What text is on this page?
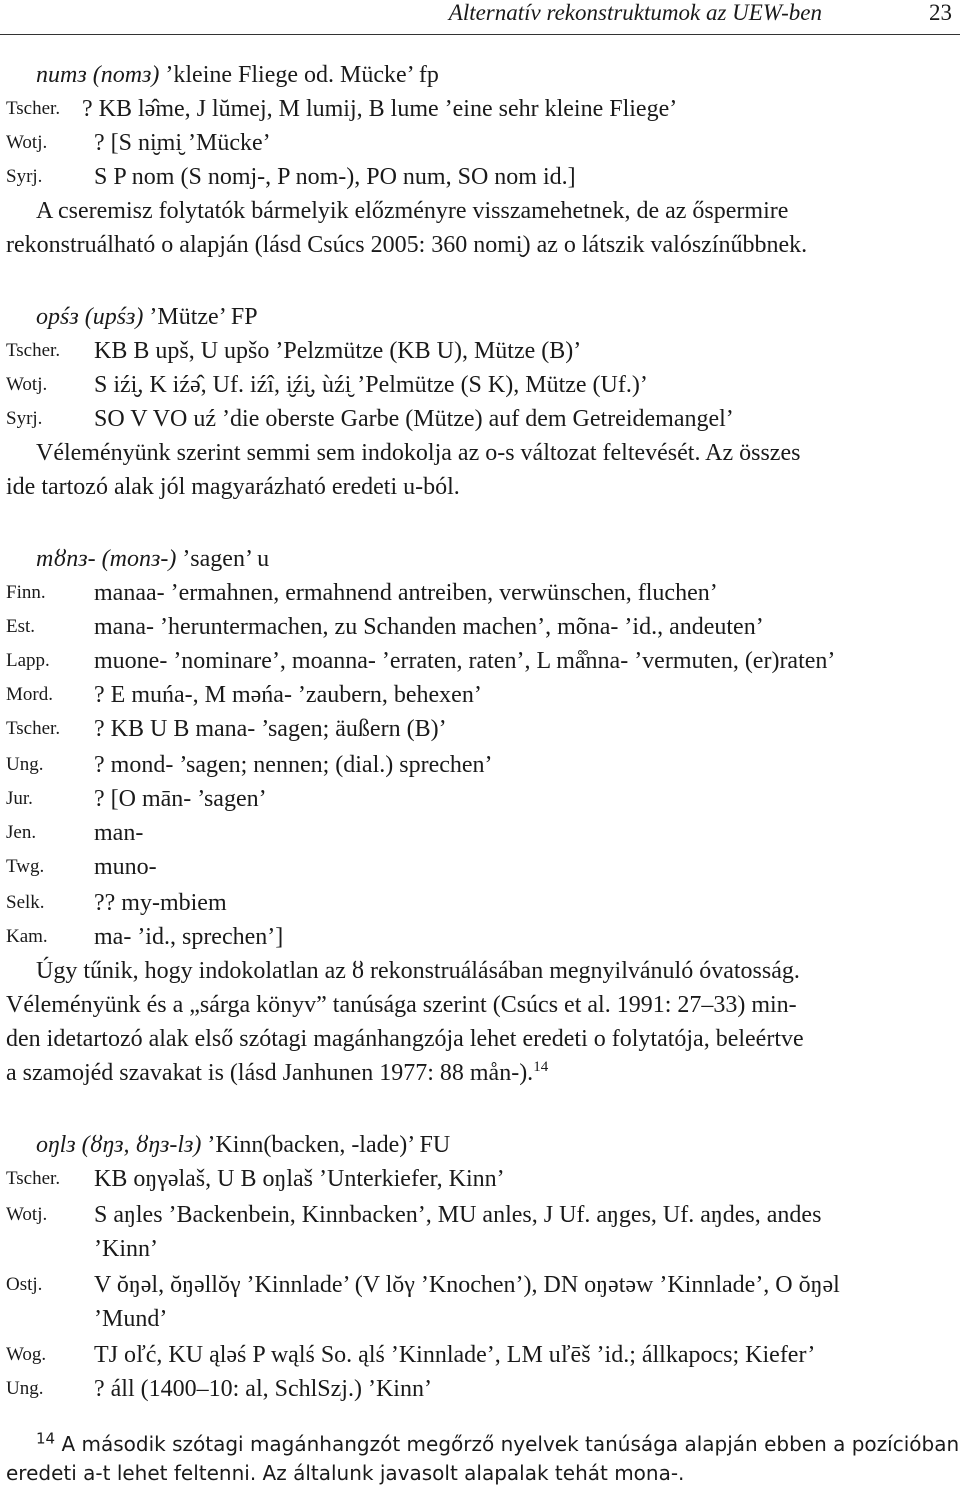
Alternatív rekonstruktumok az UEW-ben	23
numз (nomз) ’kleine Fliege od. Mücke’ fp
Tscher. ? KB lǝ̂me, J lŭmej, M lumij, B lume ’eine sehr kleine Fliege’
Wotj. ? [S ni̮mi̮ ’Mücke’
Syrj. S P nom (S nomj-, P nom-), PO num, SO nom id.]
A cseremisz folytatók bármelyik előzményre visszamehetnek, de az őspermire
rekonstruálható o alapján (lásd Csúcs 2005: 360 nomi̮) az o látszik valószínűbbnek.
opśз (upśз) ’Mütze’ FP
Tscher. KB B upš, U upšo ’Pelzmütze (KB U), Mütze (B)’
Wotj. S iźi̮, K iźǝ̂, Uf. iźî, i̮źi̮, ùźi̮ ’Pelmütze (S K), Mütze (Uf.)’
Syrj. SO V VO uź ’die oberste Garbe (Mütze) auf dem Getreidemangel’
Véleményünk szerint semmi sem indokolja az o-s változat feltevését. Az összes
ide tartozó alak jól magyarázható eredeti u-ból.
mȣnз- (monз-) ’sagen’ u
Finn. manaa- ’ermahnen, ermahnend antreiben, verwünschen, fluchen’
Est. mana- ’heruntermachen, zu Schanden machen’, mõna- ’id., andeuten’
Lapp. muone- ’nominare’, moanna- ’erraten, raten’, L må̊nna- ’vermuten, (er)raten’
Mord. ? E muńa-, M mǝńa- ’zaubern, behexen’
Tscher. ? KB U B mana- ’sagen; äußern (B)’
Ung. ? mond- ’sagen; nennen; (dial.) sprechen’
Jur.	? [O mān- ’sagen’
Jen. man-
Twg. muno-
Selk. ?? my-mbiem
Kam. ma- ’id., sprechen’]
Úgy tűnik, hogy indokolatlan az ȣ rekonstruálásában megnyilvánuló óvatosság.
Véleményünk és a „sárga könyv” tanúsága szerint (Csúcs et al. 1991: 27–33) min-
den idetartozó alak első szótagi magánhangzója lehet eredeti o folytatója, beleértve
a szamojéd szavakat is (lásd Janhunen 1977: 88 mån-).$^{14}$
oŋlз (ȣŋз, ȣŋз-lз) ’Kinn(backen, -lade)’ FU
Tscher. KB oŋγǝlaš, U B oŋlaš ’Unterkiefer, Kinn’
Wotj. S aŋles ’Backenbein, Kinnbacken’, MU anles, J Uf. aŋges, Uf. aŋdes, andes
’Kinn’
Ostj. V ŏŋǝl, ŏŋǝllŏγ ’Kinnlade’ (V lŏγ ’Knochen’), DN oŋǝtǝw ’Kinnlade’, O ŏŋǝl
’Mund’
Wog. TJ oľć, KU ąlǝś P wąlś So. ąlś ’Kinnlade’, LM uľēš ’id.; állkapocs; Kiefer’
Ung. ? áll (1400–10: al, SchlSzj.) ’Kinn’
$^{14}$ A második szótagi magánhangzót megőrző nyelvek tanúsága alapján ebben a pozícióban
eredeti a-t lehet feltenni. Az általunk javasolt alapalak tehát mona-.
